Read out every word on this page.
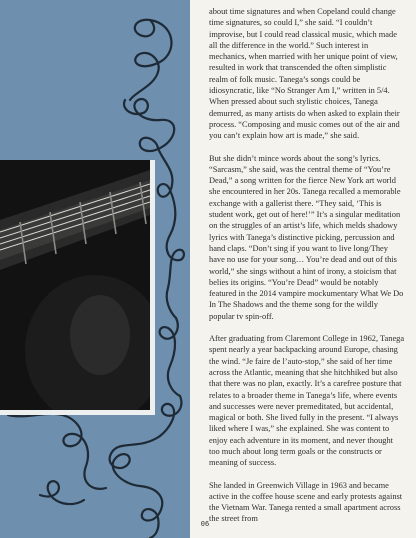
about time signatures and when Copeland could change time signatures, so could I,” she said. “I couldn’t improvise, but I could read classical music, which made all the difference in the world.” Such interest in mechanics, when married with her unique point of view, resulted in work that transcended the often simplistic realm of folk music. Tanega’s songs could be idiosyncratic, like “No Stranger Am I,” written in 5/4. When pressed about such stylistic choices, Tanega demurred, as many artists do when asked to explain their process. “Composing and music comes out of the air and you can’t explain how art is made,” she said.

But she didn’t mince words about the song’s lyrics. “Sarcasm,” she said, was the central theme of “You’re Dead,” a song written for the fierce New York art world she encountered in her 20s. Tanega recalled a memorable exchange with a gallerist there. “They said, ‘This is student work, get out of here!’” It’s a singular meditation on the struggles of an artist’s life, which melds shadowy lyrics with Tanega’s distinctive picking, percussion and hand claps. “Don’t sing if you want to live long/They have no use for your song… You’re dead and out of this world,” she sings without a hint of irony, a stoicism that belies its origins. “You’re Dead” would be notably featured in the 2014 vampire mockumentary What We Do In The Shadows and the theme song for the wildly popular tv spin-off.

After graduating from Claremont College in 1962, Tanega spent nearly a year backpacking around Europe, chasing the wind. “Je faire de l’auto-stop,” she said of her time across the Atlantic, meaning that she hitchhiked but also that there was no plan, exactly. It’s a carefree posture that relates to a broader theme in Tanega’s life, where events and successes were never premeditated, but accidental, magical or both. She lived fully in the present. “I always liked where I was,” she explained. She was content to enjoy each adventure in its moment, and never thought too much about long term goals or the constructs or meaning of success.

She landed in Greenwich Village in 1963 and became active in the coffee house scene and early protests against the Vietnam War. Tanega rented a small apartment across the street from

06
